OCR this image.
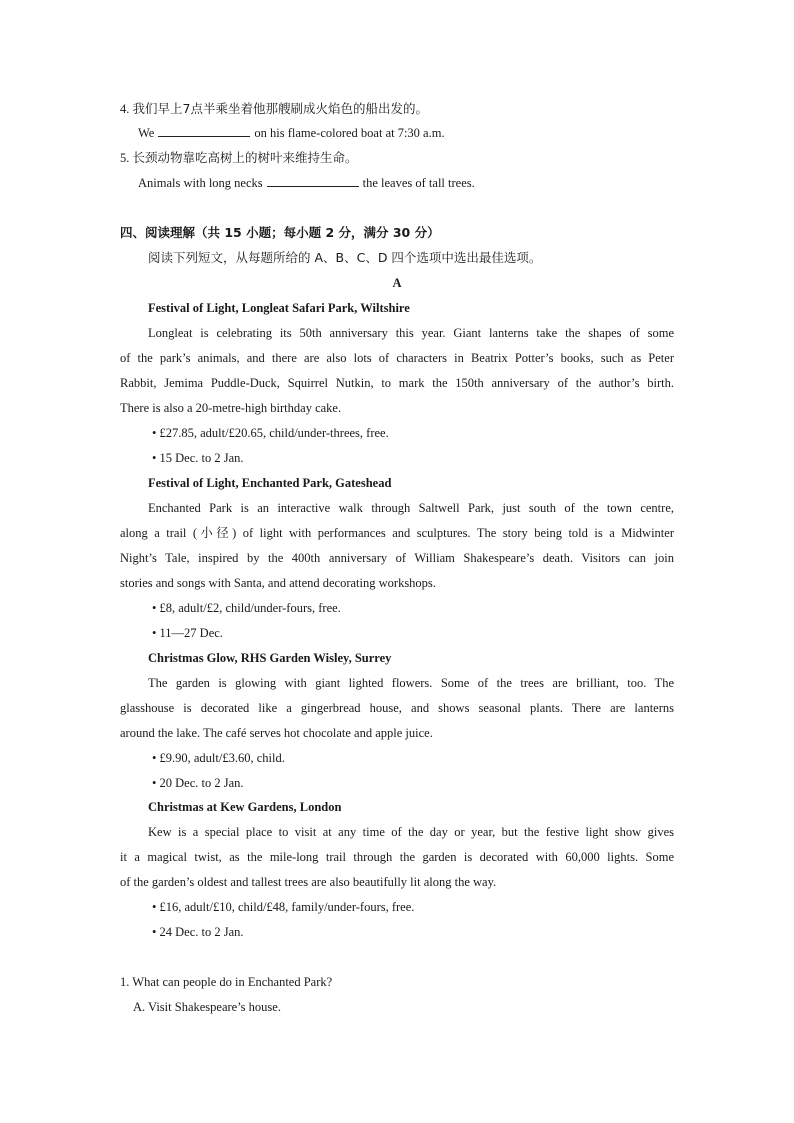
4. 我们早上7点半乘坐着他那艘刷成火焰色的船出发的。
We	on his flame-colored boat at 7:30 a.m.
5. 长颈动物靠吃高树上的树叶来维持生命。
Animals with long necks	the leaves of tall trees.
四、阅读理解（共 15 小题；每小题 2 分，满分 30 分）
阅读下列短文，从每题所给的 A、B、C、D 四个选项中选出最佳选项。
A
Festival of Light, Longleat Safari Park, Wiltshire
Longleat is celebrating its 50th anniversary this year. Giant lanterns take the shapes of some
of the park’s animals, and there are also lots of characters in Beatrix Potter’s books, such as Peter
Rabbit, Jemima Puddle-Duck, Squirrel Nutkin, to mark the 150th anniversary of the author’s birth.
There is also a 20-metre-high birthday cake.
• £27.85, adult/£20.65, child/under-threes, free.
• 15 Dec. to 2 Jan.
Festival of Light, Enchanted Park, Gateshead
Enchanted Park is an interactive walk through Saltwell Park, just south of the town centre,
along a trail (小径) of light with performances and sculptures. The story being told is a Midwinter
Night’s Tale, inspired by the 400th anniversary of William Shakespeare’s death. Visitors can join
stories and songs with Santa, and attend decorating workshops.
• £8, adult/£2, child/under-fours, free.
• 11—27 Dec.
Christmas Glow, RHS Garden Wisley, Surrey
The garden is glowing with giant lighted flowers. Some of the trees are brilliant, too. The
glasshouse is decorated like a gingerbread house, and shows seasonal plants. There are lanterns
around the lake. The café serves hot chocolate and apple juice.
• £9.90, adult/£3.60, child.
• 20 Dec. to 2 Jan.
Christmas at Kew Gardens, London
Kew is a special place to visit at any time of the day or year, but the festive light show gives
it a magical twist, as the mile-long trail through the garden is decorated with 60,000 lights. Some
of the garden’s oldest and tallest trees are also beautifully lit along the way.
• £16, adult/£10, child/£48, family/under-fours, free.
• 24 Dec. to 2 Jan.
1. What can people do in Enchanted Park?
A. Visit Shakespeare’s house.
